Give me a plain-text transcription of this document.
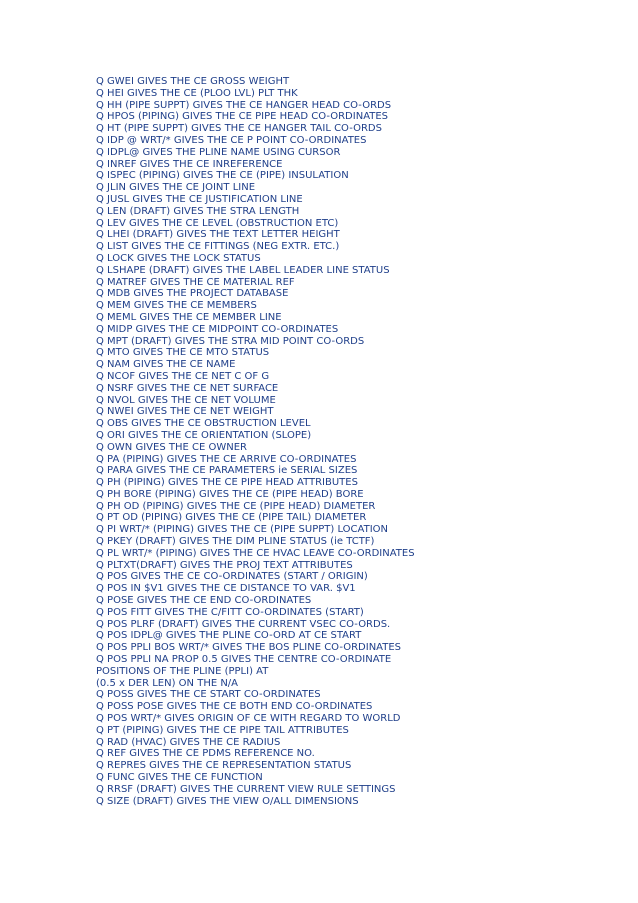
Q GWEI GIVES THE CE GROSS WEIGHT
Q HEI GIVES THE CE (PLOO LVL) PLT THK
Q HH (PIPE SUPPT) GIVES THE CE HANGER HEAD CO-ORDS
Q HPOS (PIPING) GIVES THE CE PIPE HEAD CO-ORDINATES
Q HT (PIPE SUPPT) GIVES THE CE HANGER TAIL CO-ORDS
Q IDP @ WRT/* GIVES THE CE P POINT CO-ORDINATES
Q IDPL@ GIVES THE PLINE NAME USING CURSOR
Q INREF GIVES THE CE INREFERENCE
Q ISPEC (PIPING) GIVES THE CE (PIPE) INSULATION
Q JLIN GIVES THE CE JOINT LINE
Q JUSL GIVES THE CE JUSTIFICATION LINE
Q LEN (DRAFT) GIVES THE STRA LENGTH
Q LEV GIVES THE CE LEVEL (OBSTRUCTION ETC)
Q LHEI (DRAFT) GIVES THE TEXT LETTER HEIGHT
Q LIST GIVES THE CE FITTINGS (NEG EXTR. ETC.)
Q LOCK GIVES THE LOCK STATUS
Q LSHAPE (DRAFT) GIVES THE LABEL LEADER LINE STATUS
Q MATREF GIVES THE CE MATERIAL REF
Q MDB GIVES THE PROJECT DATABASE
Q MEM GIVES THE CE MEMBERS
Q MEML GIVES THE CE MEMBER LINE
Q MIDP GIVES THE CE MIDPOINT CO-ORDINATES
Q MPT (DRAFT) GIVES THE STRA MID POINT CO-ORDS
Q MTO GIVES THE CE MTO STATUS
Q NAM GIVES THE CE NAME
Q NCOF GIVES THE CE NET C OF G
Q NSRF GIVES THE CE NET SURFACE
Q NVOL GIVES THE CE NET VOLUME
Q NWEI GIVES THE CE NET WEIGHT
Q OBS GIVES THE CE OBSTRUCTION LEVEL
Q ORI GIVES THE CE ORIENTATION (SLOPE)
Q OWN GIVES THE CE OWNER
Q PA (PIPING) GIVES THE CE ARRIVE CO-ORDINATES
Q PARA GIVES THE CE PARAMETERS ie SERIAL SIZES
Q PH (PIPING) GIVES THE CE PIPE HEAD ATTRIBUTES
Q PH BORE (PIPING) GIVES THE CE (PIPE HEAD) BORE
Q PH OD (PIPING) GIVES THE CE (PIPE HEAD) DIAMETER
Q PT OD (PIPING) GIVES THE CE (PIPE TAIL) DIAMETER
Q PI WRT/* (PIPING) GIVES THE CE (PIPE SUPPT) LOCATION
Q PKEY (DRAFT) GIVES THE DIM PLINE STATUS (ie TCTF)
Q PL WRT/* (PIPING) GIVES THE CE HVAC LEAVE CO-ORDINATES
Q PLTXT(DRAFT) GIVES THE PROJ TEXT ATTRIBUTES
Q POS GIVES THE CE CO-ORDINATES (START / ORIGIN)
Q POS IN $V1 GIVES THE CE DISTANCE TO VAR. $V1
Q POSE GIVES THE CE END CO-ORDINATES
Q POS FITT GIVES THE C/FITT CO-ORDINATES (START)
Q POS PLRF (DRAFT) GIVES THE CURRENT VSEC CO-ORDS.
Q POS IDPL@ GIVES THE PLINE CO-ORD AT CE START
Q POS PPLI BOS WRT/* GIVES THE BOS PLINE CO-ORDINATES
Q POS PPLI NA PROP 0.5 GIVES THE CENTRE CO-ORDINATE
POSITIONS OF THE PLINE (PPLI) AT
(0.5 x DER LEN) ON THE N/A
Q POSS GIVES THE CE START CO-ORDINATES
Q POSS POSE GIVES THE CE BOTH END CO-ORDINATES
Q POS WRT/* GIVES ORIGIN OF CE WITH REGARD TO WORLD
Q PT (PIPING) GIVES THE CE PIPE TAIL ATTRIBUTES
Q RAD (HVAC) GIVES THE CE RADIUS
Q REF GIVES THE CE PDMS REFERENCE NO.
Q REPRES GIVES THE CE REPRESENTATION STATUS
Q FUNC GIVES THE CE FUNCTION
Q RRSF (DRAFT) GIVES THE CURRENT VIEW RULE SETTINGS
Q SIZE (DRAFT) GIVES THE VIEW O/ALL DIMENSIONS
